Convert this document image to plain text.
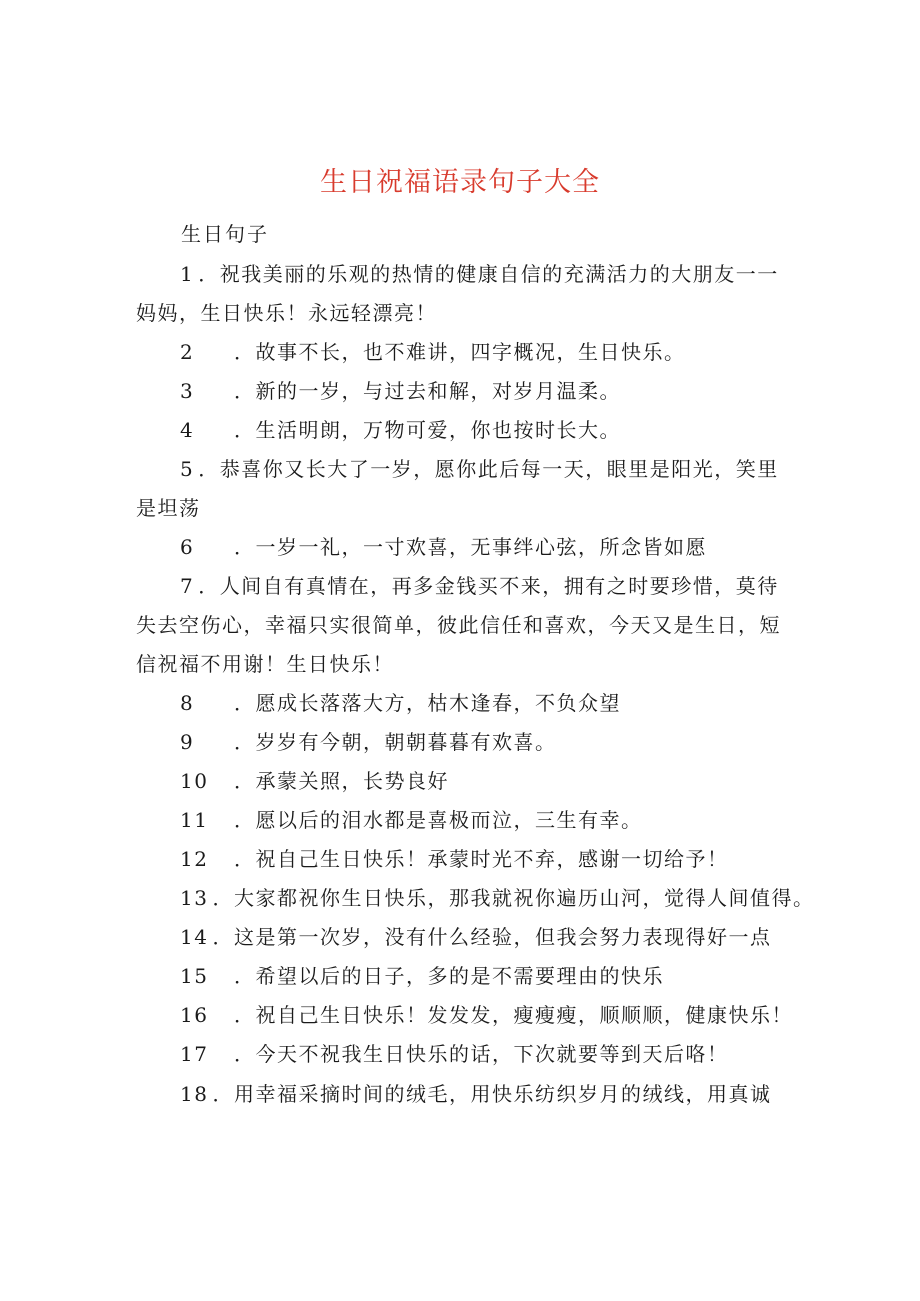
生日祝福语录句子大全
生日句子
1 ．祝我美丽的乐观的热情的健康自信的充满活力的大朋友一一
妈妈，生日快乐！永远轻漂亮！
2 ．故事不长，也不难讲，四字概况，生日快乐。
3 ．新的一岁，与过去和解，对岁月温柔。
4 ．生活明朗，万物可爱，你也按时长大。
5 ．恭喜你又长大了一岁，愿你此后每一天，眼里是阳光，笑里
是坦荡
6 ．一岁一礼，一寸欢喜，无事绊心弦，所念皆如愿
7 ．人间自有真情在，再多金钱买不来，拥有之时要珍惜，莫待
失去空伤心，幸福只实很简单，彼此信任和喜欢，今天又是生日，短
信祝福不用谢！生日快乐！
8 ．愿成长落落大方，枯木逢春，不负众望
9 ．岁岁有今朝，朝朝暮暮有欢喜。
10 ．承蒙关照，长势良好
11 ．愿以后的泪水都是喜极而泣，三生有幸。
12 ．祝自己生日快乐！承蒙时光不弃，感谢一切给予！
13 ．大家都祝你生日快乐，那我就祝你遍历山河，觉得人间值得。
14 ．这是第一次岁，没有什么经验，但我会努力表现得好一点
15 ．希望以后的日子，多的是不需要理由的快乐
16 ．祝自己生日快乐！发发发，瘦瘦瘦，顺顺顺，健康快乐！
17 ．今天不祝我生日快乐的话，下次就要等到天后咯！
18 ．用幸福采摘时间的绒毛，用快乐纺织岁月的绒线，用真诚
